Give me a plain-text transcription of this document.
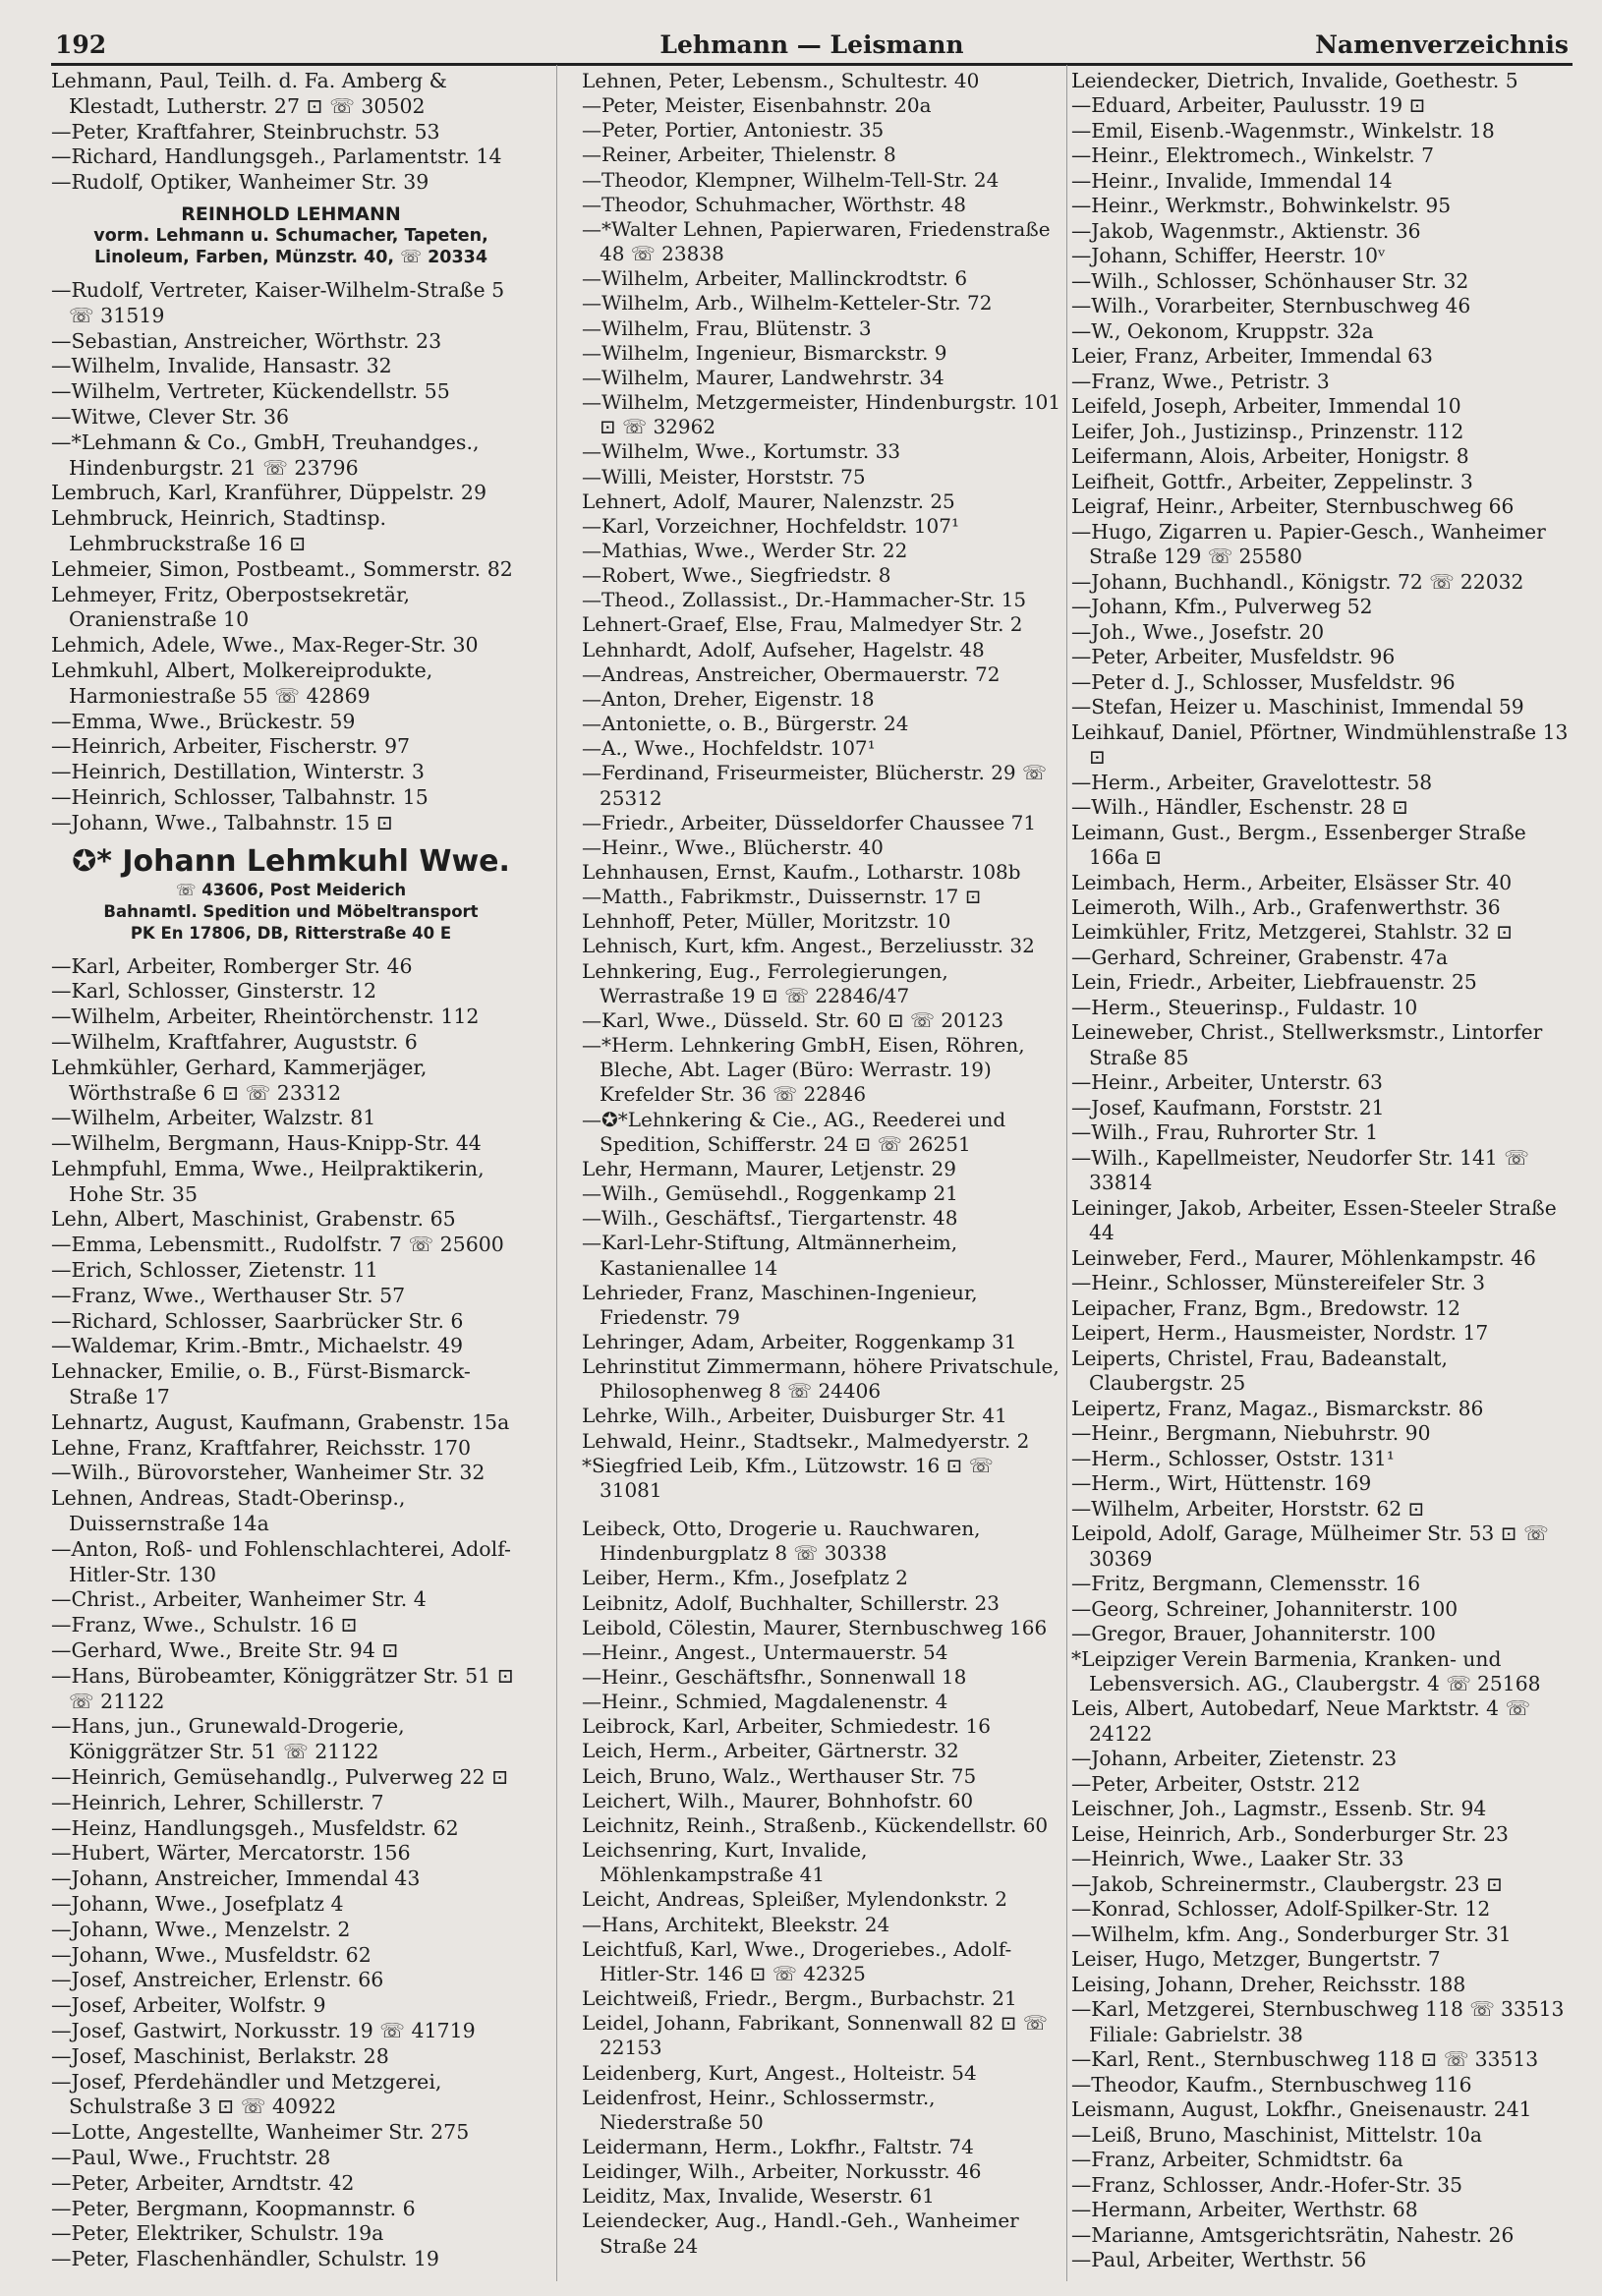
192	Lehmann — Leismann	Namenverzeichnis
Lehmann, Paul, Teilh. d. Fa. Amberg & Klestadt, Lutherstr. 27 ⊡ ☏ 30502
—Peter, Kraftfahrer, Steinbruchstr. 53
—Richard, Handlungsgeh., Parlamentstr. 14
—Rudolf, Optiker, Wanheimer Str. 39
REINHOLD LEHMANN
vorm. Lehmann u. Schumacher, Tapeten,
Linoleum, Farben, Münzstr. 40, ☏ 20334
—Rudolf, Vertreter, Kaiser-Wilhelm-Straße 5 ☏ 31519
—Sebastian, Anstreicher, Wörthstr. 23
—Wilhelm, Invalide, Hansastr. 32
—Wilhelm, Vertreter, Kückendellstr. 55
—Witwe, Clever Str. 36
—*Lehmann & Co., GmbH, Treuhandges., Hindenburgstr. 21 ☏ 23796
Lembruch, Karl, Kranführer, Düppelstr. 29
Lehmbruck, Heinrich, Stadtinsp. Lehmbruckstraße 16 ⊡
Lehmeier, Simon, Postbeamt., Sommerstr. 82
Lehmeyer, Fritz, Oberpostsekretär, Oranienstraße 10
Lehmich, Adele, Wwe., Max-Reger-Str. 30
Lehmkuhl, Albert, Molkereiprodukte, Harmoniestraße 55 ☏ 42869
—Emma, Wwe., Brückestr. 59
—Heinrich, Arbeiter, Fischerstr. 97
—Heinrich, Destillation, Winterstr. 3
—Heinrich, Schlosser, Talbahnstr. 15
—Johann, Wwe., Talbahnstr. 15 ⊡
✪* Johann Lehmkuhl Wwe.
☏ 43606, Post Meiderich
Bahnamtl. Spedition und Möbeltransport
PK En 17806, DB, Ritterstraße 40 E
—Karl, Arbeiter, Romberger Str. 46
—Karl, Schlosser, Ginsterstr. 12
—Wilhelm, Arbeiter, Rheintörchenstr. 112
—Wilhelm, Kraftfahrer, Auguststr. 6
Lehmkühler, Gerhard, Kammerjäger, Wörthstraße 6 ⊡ ☏ 23312
—Wilhelm, Arbeiter, Walzstr. 81
—Wilhelm, Bergmann, Haus-Knipp-Str. 44
Lehmpfuhl, Emma, Wwe., Heilpraktikerin, Hohe Str. 35
Lehn, Albert, Maschinist, Grabenstr. 65
—Emma, Lebensmitt., Rudolfstr. 7 ☏ 25600
—Erich, Schlosser, Zietenstr. 11
—Franz, Wwe., Werthauser Str. 57
—Richard, Schlosser, Saarbrücker Str. 6
—Waldemar, Krim.-Bmtr., Michaelstr. 49
Lehnacker, Emilie, o. B., Fürst-Bismarck-Straße 17
Lehnartz, August, Kaufmann, Grabenstr. 15a
Lehne, Franz, Kraftfahrer, Reichsstr. 170
—Wilh., Bürovorsteher, Wanheimer Str. 32
Lehnen, Andreas, Stadt-Oberinsp., Duissernstraße 14a
—Anton, Roß- und Fohlenschlachterei, Adolf-Hitler-Str. 130
—Christ., Arbeiter, Wanheimer Str. 4
—Franz, Wwe., Schulstr. 16 ⊡
—Gerhard, Wwe., Breite Str. 94 ⊡
—Hans, Bürobeamter, Königgrätzer Str. 51 ⊡ ☏ 21122
—Hans, jun., Grunewald-Drogerie, Königgrätzer Str. 51 ☏ 21122
—Heinrich, Gemüsehandlg., Pulverweg 22 ⊡
—Heinrich, Lehrer, Schillerstr. 7
—Heinz, Handlungsgeh., Musfeldstr. 62
—Hubert, Wärter, Mercatorstr. 156
—Johann, Anstreicher, Immendal 43
—Johann, Wwe., Josefplatz 4
—Johann, Wwe., Menzelstr. 2
—Johann, Wwe., Musfeldstr. 62
—Josef, Anstreicher, Erlenstr. 66
—Josef, Arbeiter, Wolfstr. 9
—Josef, Gastwirt, Norkusstr. 19 ☏ 41719
—Josef, Maschinist, Berlakstr. 28
—Josef, Pferdehändler und Metzgerei, Schulstraße 3 ⊡ ☏ 40922
—Lotte, Angestellte, Wanheimer Str. 275
—Paul, Wwe., Fruchtstr. 28
—Peter, Arbeiter, Arndtstr. 42
—Peter, Bergmann, Koopmannstr. 6
—Peter, Elektriker, Schulstr. 19a
—Peter, Flaschenhändler, Schulstr. 19
Lehnen, Peter, Lebensm., Schultestr. 40
—Peter, Meister, Eisenbahnstr. 20a
—Peter, Portier, Antoniestr. 35
—Reiner, Arbeiter, Thielenstr. 8
—Theodor, Klempner, Wilhelm-Tell-Str. 24
—Theodor, Schuhmacher, Wörthstr. 48
—*Walter Lehnen, Papierwaren, Friedenstraße 48 ☏ 23838
—Wilhelm, Arbeiter, Mallinckrodtstr. 6
—Wilhelm, Arb., Wilhelm-Ketteler-Str. 72
—Wilhelm, Frau, Blütenstr. 3
—Wilhelm, Ingenieur, Bismarckstr. 9
—Wilhelm, Maurer, Landwehrstr. 34
—Wilhelm, Metzgermeister, Hindenburgstr. 101 ⊡ ☏ 32962
—Wilhelm, Wwe., Kortumstr. 33
—Willi, Meister, Horststr. 75
Lehnert, Adolf, Maurer, Nalenzstr. 25
—Karl, Vorzeichner, Hochfeldstr. 107¹
—Mathias, Wwe., Werder Str. 22
—Robert, Wwe., Siegfriedstr. 8
—Theod., Zollassist., Dr.-Hammacher-Str. 15
Lehnert-Graef, Else, Frau, Malmedyer Str. 2
Lehnhardt, Adolf, Aufseher, Hagelstr. 48
—Andreas, Anstreicher, Obermauerstr. 72
—Anton, Dreher, Eigenstr. 18
—Antoniette, o. B., Bürgerstr. 24
—A., Wwe., Hochfeldstr. 107¹
—Ferdinand, Friseurmeister, Blücherstr. 29 ☏ 25312
—Friedr., Arbeiter, Düsseldorfer Chaussee 71
—Heinr., Wwe., Blücherstr. 40
Lehnhausen, Ernst, Kaufm., Lotharstr. 108b
—Matth., Fabrikmstr., Duissernstr. 17 ⊡
Lehnhoff, Peter, Müller, Moritzstr. 10
Lehnisch, Kurt, kfm. Angest., Berzeliusstr. 32
Lehnkering, Eug., Ferrolegierungen, Werrastraße 19 ⊡ ☏ 22846/47
—Karl, Wwe., Düsseld. Str. 60 ⊡ ☏ 20123
—*Herm. Lehnkering GmbH, Eisen, Röhren, Bleche, Abt. Lager (Büro: Werrastr. 19) Krefelder Str. 36 ☏ 22846
—✪*Lehnkering & Cie., AG., Reederei und Spedition, Schifferstr. 24 ⊡ ☏ 26251
Lehr, Hermann, Maurer, Letjenstr. 29
—Wilh., Gemüsehdl., Roggenkamp 21
—Wilh., Geschäftsf., Tiergartenstr. 48
—Karl-Lehr-Stiftung, Altmännerheim, Kastanienallee 14
Lehrieder, Franz, Maschinen-Ingenieur, Friedenstr. 79
Lehringer, Adam, Arbeiter, Roggenkamp 31
Lehrinstitut Zimmermann, höhere Privatschule, Philosophenweg 8 ☏ 24406
Lehrke, Wilh., Arbeiter, Duisburger Str. 41
Lehwald, Heinr., Stadtsekr., Malmedyerstr. 2
*Siegfried Leib, Kfm., Lützowstr. 16 ⊡ ☏ 31081
Leibeck, Otto, Drogerie u. Rauchwaren, Hindenburgplatz 8 ☏ 30338
Leiber, Herm., Kfm., Josefplatz 2
Leibnitz, Adolf, Buchhalter, Schillerstr. 23
Leibold, Cölestin, Maurer, Sternbuschweg 166
—Heinr., Angest., Untermauerstr. 54
—Heinr., Geschäftsfhr., Sonnenwall 18
—Heinr., Schmied, Magdalenenstr. 4
Leibrock, Karl, Arbeiter, Schmiedestr. 16
Leich, Herm., Arbeiter, Gärtnerstr. 32
Leich, Bruno, Walz., Werthauser Str. 75
Leichert, Wilh., Maurer, Bohnhofstr. 60
Leichnitz, Reinh., Straßenb., Kückendellstr. 60
Leichsenring, Kurt, Invalide, Möhlenkampstraße 41
Leicht, Andreas, Spleißer, Mylendonkstr. 2
—Hans, Architekt, Bleekstr. 24
Leichtfuß, Karl, Wwe., Drogeriebes., Adolf-Hitler-Str. 146 ⊡ ☏ 42325
Leichtweiß, Friedr., Bergm., Burbachstr. 21
Leidel, Johann, Fabrikant, Sonnenwall 82 ⊡ ☏ 22153
Leidenberg, Kurt, Angest., Holteistr. 54
Leidenfrost, Heinr., Schlossermstr., Niederstraße 50
Leidermann, Herm., Lokfhr., Faltstr. 74
Leidinger, Wilh., Arbeiter, Norkusstr. 46
Leiditz, Max, Invalide, Weserstr. 61
Leiendecker, Aug., Handl.-Geh., Wanheimer Straße 24
Leiendecker, Dietrich, Invalide, Goethestr. 5
—Eduard, Arbeiter, Paulusstr. 19 ⊡
—Emil, Eisenb.-Wagenmstr., Winkelstr. 18
—Heinr., Elektromech., Winkelstr. 7
—Heinr., Invalide, Immendal 14
—Heinr., Werkmstr., Bohwinkelstr. 95
—Jakob, Wagenmstr., Aktienstr. 36
—Johann, Schiffer, Heerstr. 10ᵛ
—Wilh., Schlosser, Schönhauser Str. 32
—Wilh., Vorarbeiter, Sternbuschweg 46
—W., Oekonom, Kruppstr. 32a
Leier, Franz, Arbeiter, Immendal 63
—Franz, Wwe., Petristr. 3
Leifeld, Joseph, Arbeiter, Immendal 10
Leifer, Joh., Justizinsp., Prinzenstr. 112
Leifermann, Alois, Arbeiter, Honigstr. 8
Leifheit, Gottfr., Arbeiter, Zeppelinstr. 3
Leigraf, Heinr., Arbeiter, Sternbuschweg 66
—Hugo, Zigarren u. Papier-Gesch., Wanheimer Straße 129 ☏ 25580
—Johann, Buchhandl., Königstr. 72 ☏ 22032
—Johann, Kfm., Pulverweg 52
—Joh., Wwe., Josefstr. 20
—Peter, Arbeiter, Musfeldstr. 96
—Peter d. J., Schlosser, Musfeldstr. 96
—Stefan, Heizer u. Maschinist, Immendal 59
Leihkauf, Daniel, Pförtner, Windmühlenstraße 13 ⊡
—Herm., Arbeiter, Gravelottestr. 58
—Wilh., Händler, Eschenstr. 28 ⊡
Leimann, Gust., Bergm., Essenberger Straße 166a ⊡
Leimbach, Herm., Arbeiter, Elsässer Str. 40
Leimeroth, Wilh., Arb., Grafenwerthstr. 36
Leimkühler, Fritz, Metzgerei, Stahlstr. 32 ⊡
—Gerhard, Schreiner, Grabenstr. 47a
Lein, Friedr., Arbeiter, Liebfrauenstr. 25
—Herm., Steuerinsp., Fuldastr. 10
Leineweber, Christ., Stellwerksmstr., Lintorfer Straße 85
—Heinr., Arbeiter, Unterstr. 63
—Josef, Kaufmann, Forststr. 21
—Wilh., Frau, Ruhrorter Str. 1
—Wilh., Kapellmeister, Neudorfer Str. 141 ☏ 33814
Leininger, Jakob, Arbeiter, Essen-Steeler Straße 44
Leinweber, Ferd., Maurer, Möhlenkampstr. 46
—Heinr., Schlosser, Münstereifeler Str. 3
Leipacher, Franz, Bgm., Bredowstr. 12
Leipert, Herm., Hausmeister, Nordstr. 17
Leiperts, Christel, Frau, Badeanstalt, Claubergstr. 25
Leipertz, Franz, Magaz., Bismarckstr. 86
—Heinr., Bergmann, Niebuhrstr. 90
—Herm., Schlosser, Oststr. 131¹
—Herm., Wirt, Hüttenstr. 169
—Wilhelm, Arbeiter, Horststr. 62 ⊡
Leipold, Adolf, Garage, Mülheimer Str. 53 ⊡ ☏ 30369
—Fritz, Bergmann, Clemensstr. 16
—Georg, Schreiner, Johanniterstr. 100
—Gregor, Brauer, Johanniterstr. 100
*Leipziger Verein Barmenia, Kranken- und Lebensversich. AG., Claubergstr. 4 ☏ 25168
Leis, Albert, Autobedarf, Neue Marktstr. 4 ☏ 24122
—Johann, Arbeiter, Zietenstr. 23
—Peter, Arbeiter, Oststr. 212
Leischner, Joh., Lagmstr., Essenb. Str. 94
Leise, Heinrich, Arb., Sonderburger Str. 23
—Heinrich, Wwe., Laaker Str. 33
—Jakob, Schreinermstr., Claubergstr. 23 ⊡
—Konrad, Schlosser, Adolf-Spilker-Str. 12
—Wilhelm, kfm. Ang., Sonderburger Str. 31
Leiser, Hugo, Metzger, Bungertstr. 7
Leising, Johann, Dreher, Reichsstr. 188
—Karl, Metzgerei, Sternbuschweg 118 ☏ 33513 Filiale: Gabrielstr. 38
—Karl, Rent., Sternbuschweg 118 ⊡ ☏ 33513
—Theodor, Kaufm., Sternbuschweg 116
Leismann, August, Lokfhr., Gneisenaustr. 241
—Leiß, Bruno, Maschinist, Mittelstr. 10a
—Franz, Arbeiter, Schmidtstr. 6a
—Franz, Schlosser, Andr.-Hofer-Str. 35
—Hermann, Arbeiter, Werthstr. 68
—Marianne, Amtsgerichtsrätin, Nahestr. 26
—Paul, Arbeiter, Werthstr. 56
